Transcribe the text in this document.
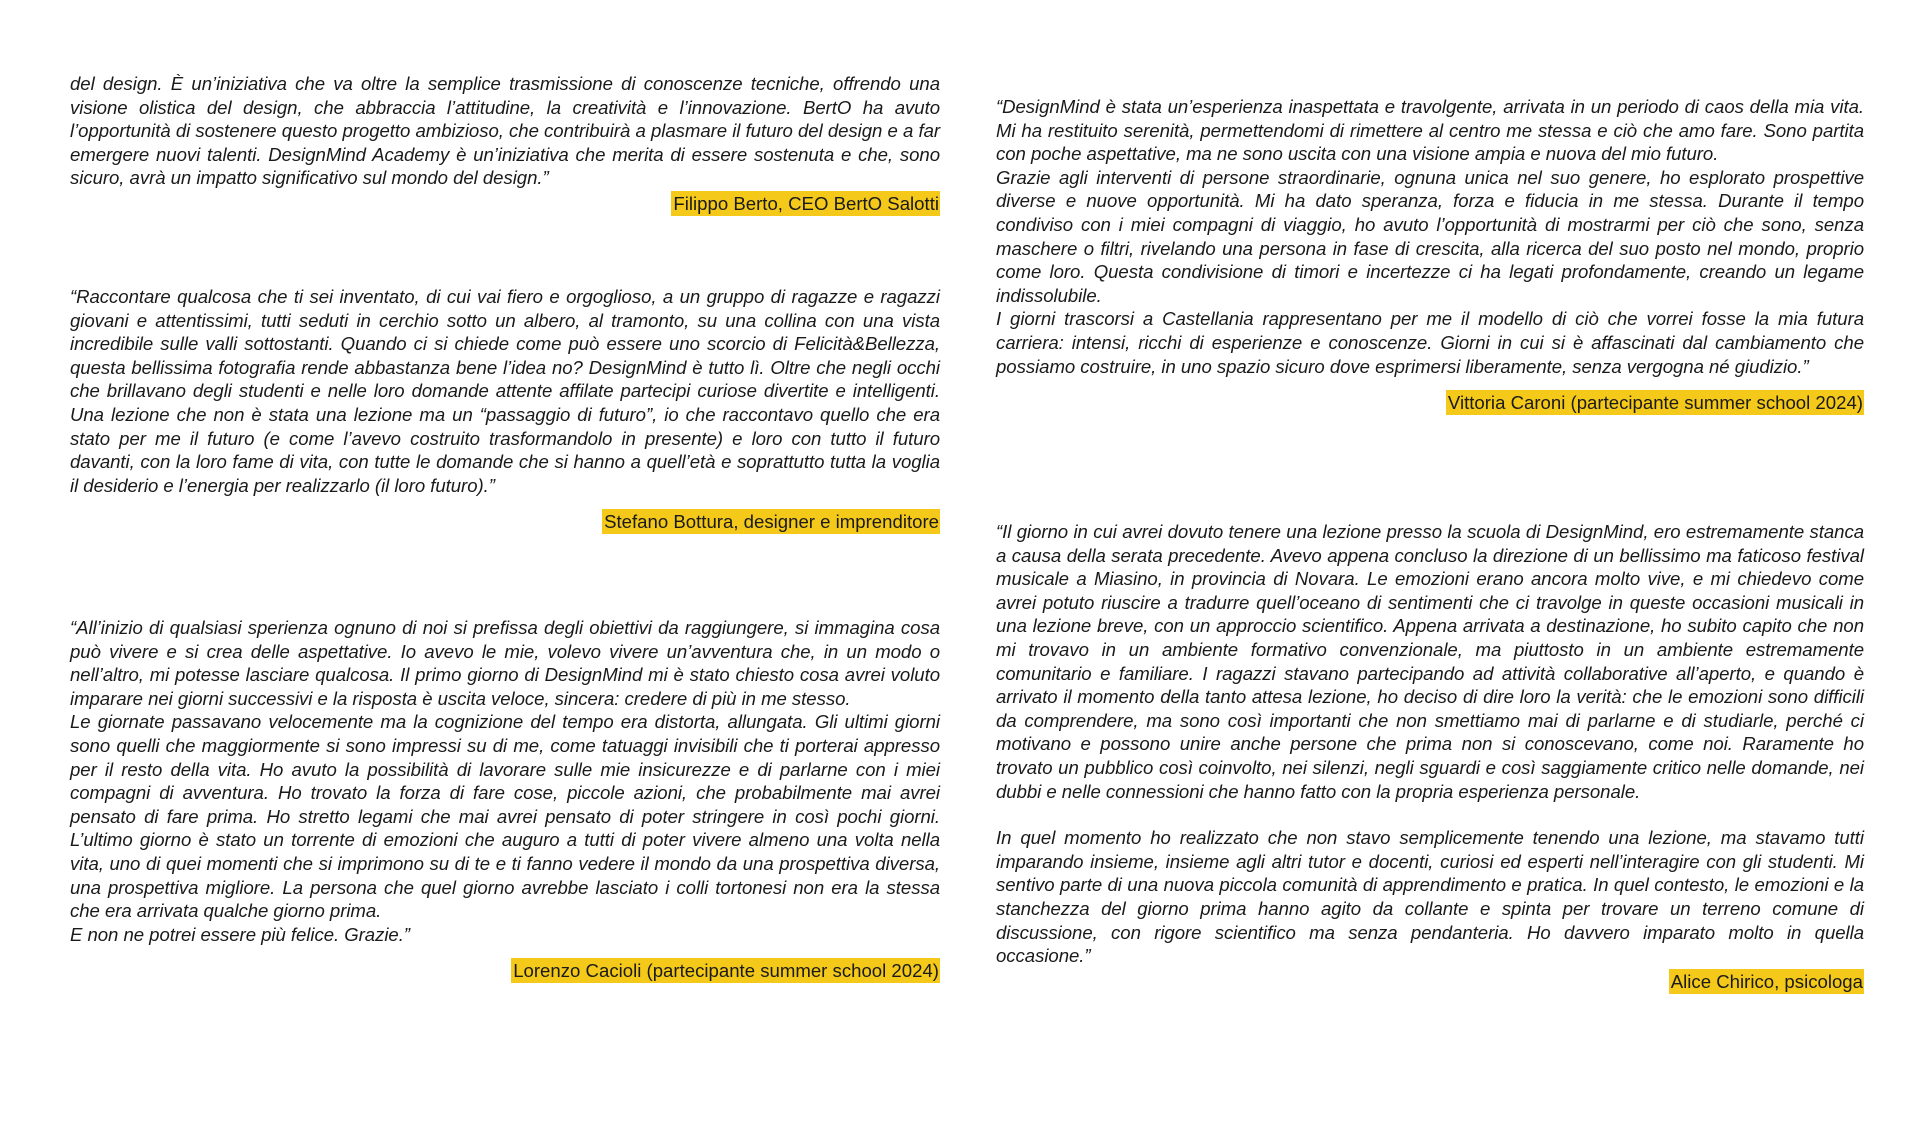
del design. È un’iniziativa che va oltre la semplice trasmissione di conoscenze tecniche, offrendo una visione olistica del design, che abbraccia l’attitudine, la creatività e l’innovazione. BertO ha avuto l’opportunità di sostenere questo progetto ambizioso, che contribuirà a plasmare il futuro del design e a far emergere nuovi talenti. DesignMind Academy è un’iniziativa che merita di essere sostenuta e che, sono sicuro, avrà un impatto significativo sul mondo del design.”

Filippo Berto, CEO BertO Salotti

“Raccontare qualcosa che ti sei inventato, di cui vai fiero e orgoglioso, a un gruppo di ragazze e ragazzi giovani e attentissimi, tutti seduti in cerchio sotto un albero, al tramonto, su una collina con una vista incredibile sulle valli sottostanti. Quando ci si chiede come può essere uno scorcio di Felicità&Bellezza, questa bellissima fotografia rende abbastanza bene l’idea no? DesignMind è tutto lì. Oltre che negli occhi che brillavano degli studenti e nelle loro domande attente affilate partecipi curiose divertite e intelligenti. Una lezione che non è stata una lezione ma un “passaggio di futuro”, io che raccontavo quello che era stato per me il futuro (e come l’avevo costruito trasformandolo in presente) e loro con tutto il futuro davanti, con la loro fame di vita, con tutte le domande che si hanno a quell’età e soprattutto tutta la voglia il desiderio e l’energia per realizzarlo (il loro futuro).”

Stefano Bottura, designer e imprenditore

“All’inizio di qualsiasi sperienza ognuno di noi si prefissa degli obiettivi da raggiungere, si immagina cosa può vivere e si crea delle aspettative. Io avevo le mie, volevo vivere un’avventura che, in un modo o nell’altro, mi potesse lasciare qualcosa. Il primo giorno di DesignMind mi è stato chiesto cosa avrei voluto imparare nei giorni successivi e la risposta è uscita veloce, sincera: credere di più in me stesso.
Le giornate passavano velocemente ma la cognizione del tempo era distorta, allungata. Gli ultimi giorni sono quelli che maggiormente si sono impressi su di me, come tatuaggi invisibili che ti porterai appresso per il resto della vita. Ho avuto la possibilità di lavorare sulle mie insicurezze e di parlarne con i miei compagni di avventura. Ho trovato la forza di fare cose, piccole azioni, che probabilmente mai avrei pensato di fare prima. Ho stretto legami che mai avrei pensato di poter stringere in così pochi giorni. L’ultimo giorno è stato un torrente di emozioni che auguro a tutti di poter vivere almeno una volta nella vita, uno di quei momenti che si imprimono su di te e ti fanno vedere il mondo da una prospettiva diversa, una prospettiva migliore. La persona che quel giorno avrebbe lasciato i colli tortonesi non era la stessa che era arrivata qualche giorno prima.
E non ne potrei essere più felice. Grazie.”

Lorenzo Cacioli (partecipante summer school 2024)

“DesignMind è stata un’esperienza inaspettata e travolgente, arrivata in un periodo di caos della mia vita. Mi ha restituito serenità, permettendomi di rimettere al centro me stessa e ciò che amo fare. Sono partita con poche aspettative, ma ne sono uscita con una visione ampia e nuova del mio futuro.
Grazie agli interventi di persone straordinarie, ognuna unica nel suo genere, ho esplorato prospettive diverse e nuove opportunità. Mi ha dato speranza, forza e fiducia in me stessa. Durante il tempo condiviso con i miei compagni di viaggio, ho avuto l’opportunità di mostrarmi per ciò che sono, senza maschere o filtri, rivelando una persona in fase di crescita, alla ricerca del suo posto nel mondo, proprio come loro. Questa condivisione di timori e incertezze ci ha legati profondamente, creando un legame indissolubile.
I giorni trascorsi a Castellania rappresentano per me il modello di ciò che vorrei fosse la mia futura carriera: intensi, ricchi di esperienze e conoscenze. Giorni in cui si è affascinati dal cambiamento che possiamo costruire, in uno spazio sicuro dove esprimersi liberamente, senza vergogna né giudizio.”

Vittoria Caroni (partecipante summer school 2024)

“Il giorno in cui avrei dovuto tenere una lezione presso la scuola di DesignMind, ero estremamente stanca a causa della serata precedente. Avevo appena concluso la direzione di un bellissimo ma faticoso festival musicale a Miasino, in provincia di Novara. Le emozioni erano ancora molto vive, e mi chiedevo come avrei potuto riuscire a tradurre quell’oceano di sentimenti che ci travolge in queste occasioni musicali in una lezione breve, con un approccio scientifico. Appena arrivata a destinazione, ho subito capito che non mi trovavo in un ambiente formativo convenzionale, ma piuttosto in un ambiente estremamente comunitario e familiare. I ragazzi stavano partecipando ad attività collaborative all’aperto, e quando è arrivato il momento della tanto attesa lezione, ho deciso di dire loro la verità: che le emozioni sono difficili da comprendere, ma sono così importanti che non smettiamo mai di parlarne e di studiarle, perché ci motivano e possono unire anche persone che prima non si conoscevano, come noi. Raramente ho trovato un pubblico così coinvolto, nei silenzi, negli sguardi e così saggiamente critico nelle domande, nei dubbi e nelle connessioni che hanno fatto con la propria esperienza personale.

In quel momento ho realizzato che non stavo semplicemente tenendo una lezione, ma stavamo tutti imparando insieme, insieme agli altri tutor e docenti, curiosi ed esperti nell’interagire con gli studenti. Mi sentivo parte di una nuova piccola comunità di apprendimento e pratica. In quel contesto, le emozioni e la stanchezza del giorno prima hanno agito da collante e spinta per trovare un terreno comune di discussione, con rigore scientifico ma senza pendanteria. Ho davvero imparato molto in quella occasione.”

Alice Chirico, psicologa
